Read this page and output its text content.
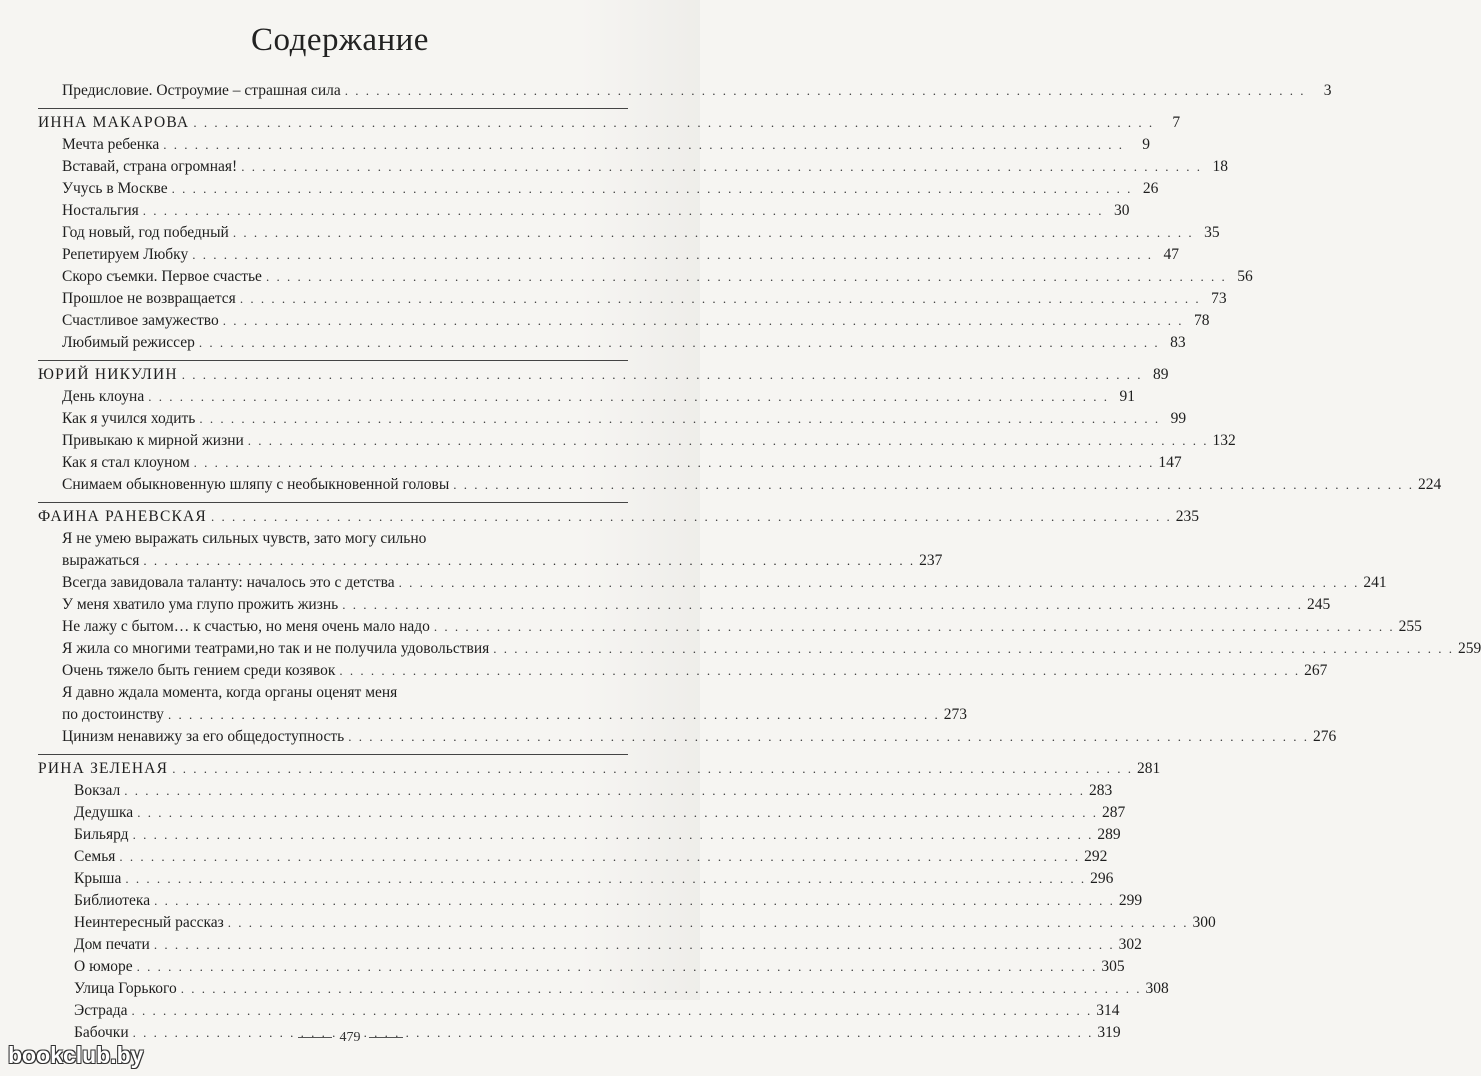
Содержание
Предисловие. Остроумие – страшная сила . . .	3
ИННА МАКАРОВА . . .	7
Мечта ребенка . . .	9
Вставай, страна огромная! . . .	18
Учусь в Москве . . .	26
Ностальгия . . .	30
Год новый, год победный . . .	35
Репетируем Любку . . .	47
Скоро съемки. Первое счастье . . .	56
Прошлое не возвращается . . .	73
Счастливое замужество . . .	78
Любимый режиссер . . .	83
ЮРИЙ НИКУЛИН . . .	89
День клоуна . . .	91
Как я учился ходить . . .	99
Привыкаю к мирной жизни . . .	132
Как я стал клоуном . . .	147
Снимаем обыкновенную шляпу с необыкновенной головы . . .	224
ФАИНА РАНЕВСКАЯ . . .	235
Я не умею выражать сильных чувств, зато могу сильно
выражаться . . .	237
Всегда завидовала таланту: началось это с детства . . .	241
У меня хватило ума глупо прожить жизнь . . .	245
Не лажу с бытом… к счастью, но меня очень мало надо . . .	255
Я жила со многими театрами,но так и не получила удовольствия . . .	259
Очень тяжело быть гением среди козявок . . .	267
Я давно ждала момента, когда органы оценят меня
по достоинству . . .	273
Цинизм ненавижу за его общедоступность . . .	276
РИНА ЗЕЛЕНАЯ . . .	281
Вокзал . . .	283
Дедушка . . .	287
Бильярд . . .	289
Семья . . .	292
Крыша . . .	296
Библиотека . . .	299
Неинтересный рассказ . . .	300
Дом печати . . .	302
О юморе . . .	305
Улица Горького . . .	308
Эстрада . . .	314
Бабочки . . .	319
479
bookclub.by
